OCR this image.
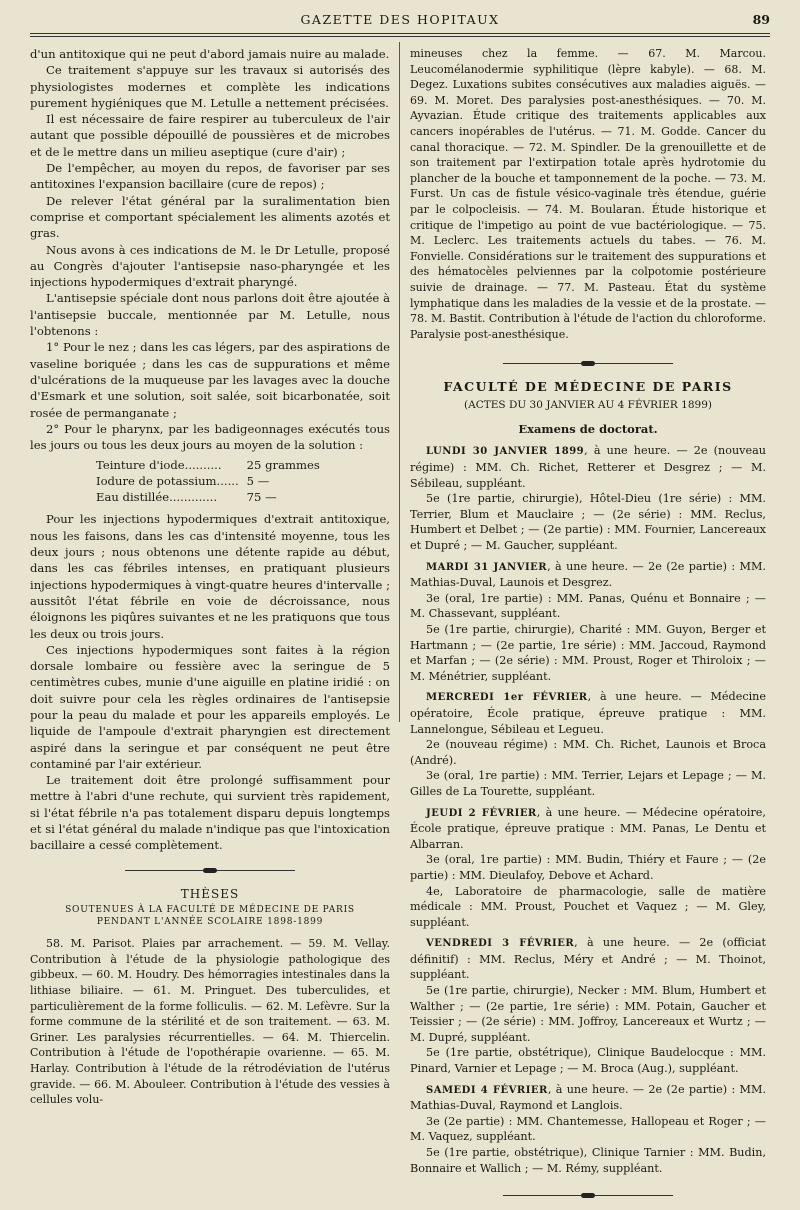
GAZETTE DES HOPITAUX	89

d'un antitoxique qui ne peut d'abord jamais nuire au malade.

Ce traitement s'appuye sur les travaux si autorisés des physiologistes modernes et complète les indications purement hygiéniques que M. Letulle a nettement précisées.

Il est nécessaire de faire respirer au tuberculeux de l'air autant que possible dépouillé de poussières et de microbes et de le mettre dans un milieu aseptique (cure d'air) ;

De l'empêcher, au moyen du repos, de favoriser par ses antitoxines l'expansion bacillaire (cure de repos) ;

De relever l'état général par la suralimentation bien comprise et comportant spécialement les aliments azotés et gras.

Nous avons à ces indications de M. le Dr Letulle, proposé au Congrès d'ajouter l'antisepsie naso-pharyngée et les injections hypodermiques d'extrait pharyngé.

L'antisepsie spéciale dont nous parlons doit être ajoutée à l'antisepsie buccale, mentionnée par M. Letulle, nous l'obtenons :

1° Pour le nez ; dans les cas légers, par des aspirations de vaseline boriquée ; dans les cas de suppurations et même d'ulcérations de la muqueuse par les lavages avec la douche d'Esmark et une solution, soit salée, soit bicarbonatée, soit rosée de permanganate ;

2° Pour le pharynx, par les badigeonnages exécutés tous les jours ou tous les deux jours au moyen de la solution :

Teinture d'iode..........	25 grammes
Iodure de potassium......	5 —
Eau distillée.............	75 —

Pour les injections hypodermiques d'extrait antitoxique, nous les faisons, dans les cas d'intensité moyenne, tous les deux jours ; nous obtenons une détente rapide au début, dans les cas fébriles intenses, en pratiquant plusieurs injections hypodermiques à vingt-quatre heures d'intervalle ; aussitôt l'état fébrile en voie de décroissance, nous éloignons les piqûres suivantes et ne les pratiquons que tous les deux ou trois jours.

Ces injections hypodermiques sont faites à la région dorsale lombaire ou fessière avec la seringue de 5 centimètres cubes, munie d'une aiguille en platine iridié : on doit suivre pour cela les règles ordinaires de l'antisepsie pour la peau du malade et pour les appareils employés. Le liquide de l'ampoule d'extrait pharyngien est directement aspiré dans la seringue et par conséquent ne peut être contaminé par l'air extérieur.

Le traitement doit être prolongé suffisamment pour mettre à l'abri d'une rechute, qui survient très rapidement, si l'état fébrile n'a pas totalement disparu depuis longtemps et si l'état général du malade n'indique pas que l'intoxication bacillaire a cessé complètement.

THÈSES
SOUTENUES À LA FACULTÉ DE MÉDECINE DE PARIS
PENDANT L'ANNÉE SCOLAIRE 1898-1899

58. M. Parisot. Plaies par arrachement. — 59. M. Vellay. Contribution à l'étude de la physiologie pathologique des gibbeux. — 60. M. Houdry. Des hémorragies intestinales dans la lithiase biliaire. — 61. M. Pringuet. Des tuberculides, et particulièrement de la forme folliculis. — 62. M. Lefèvre. Sur la forme commune de la stérilité et de son traitement. — 63. M. Griner. Les paralysies récurrentielles. — 64. M. Thiercelin. Contribution à l'étude de l'opothérapie ovarienne. — 65. M. Harlay. Contribution à l'étude de la rétrodéviation de l'utérus gravide. — 66. M. Abouleer. Contribution à l'étude des vessies à cellules volu-

mineuses chez la femme. — 67. M. Marcou. Leucomélanodermie syphilitique (lèpre kabyle). — 68. M. Degez. Luxations subites consécutives aux maladies aiguës. — 69. M. Moret. Des paralysies post-anesthésiques. — 70. M. Ayvazian. Étude critique des traitements applicables aux cancers inopérables de l'utérus. — 71. M. Godde. Cancer du canal thoracique. — 72. M. Spindler. De la grenouillette et de son traitement par l'extirpation totale après hydrotomie du plancher de la bouche et tamponnement de la poche. — 73. M. Furst. Un cas de fistule vésico-vaginale très étendue, guérie par le colpocleisis. — 74. M. Boularan. Étude historique et critique de l'impetigo au point de vue bactériologique. — 75. M. Leclerc. Les traitements actuels du tabes. — 76. M. Fonvielle. Considérations sur le traitement des suppurations et des hématocèles pelviennes par la colpotomie postérieure suivie de drainage. — 77. M. Pasteau. État du système lymphatique dans les maladies de la vessie et de la prostate. — 78. M. Bastit. Contribution à l'étude de l'action du chloroforme. Paralysie post-anesthésique.

FACULTÉ DE MÉDECINE DE PARIS
(ACTES DU 30 JANVIER AU 4 FÉVRIER 1899)
Examens de doctorat.

LUNDI 30 JANVIER 1899, à une heure. — 2e (nouveau régime) : MM. Ch. Richet, Retterer et Desgrez ; — M. Sébileau, suppléant.

5e (1re partie, chirurgie), Hôtel-Dieu (1re série) : MM. Terrier, Blum et Mauclaire ; — (2e série) : MM. Reclus, Humbert et Delbet ; — (2e partie) : MM. Fournier, Lancereaux et Dupré ; — M. Gaucher, suppléant.

MARDI 31 JANVIER, à une heure. — 2e (2e partie) : MM. Mathias-Duval, Launois et Desgrez.

3e (oral, 1re partie) : MM. Panas, Quénu et Bonnaire ; — M. Chassevant, suppléant.

5e (1re partie, chirurgie), Charité : MM. Guyon, Berger et Hartmann ; — (2e partie, 1re série) : MM. Jaccoud, Raymond et Marfan ; — (2e série) : MM. Proust, Roger et Thiroloix ; — M. Ménétrier, suppléant.

MERCREDI 1er FÉVRIER, à une heure. — Médecine opératoire, École pratique, épreuve pratique : MM. Lannelongue, Sébileau et Legueu.

2e (nouveau régime) : MM. Ch. Richet, Launois et Broca (André).

3e (oral, 1re partie) : MM. Terrier, Lejars et Lepage ; — M. Gilles de La Tourette, suppléant.

JEUDI 2 FÉVRIER, à une heure. — Médecine opératoire, École pratique, épreuve pratique : MM. Panas, Le Dentu et Albarran.

3e (oral, 1re partie) : MM. Budin, Thiéry et Faure ; — (2e partie) : MM. Dieulafoy, Debove et Achard.

4e, Laboratoire de pharmacologie, salle de matière médicale : MM. Proust, Pouchet et Vaquez ; — M. Gley, suppléant.

VENDREDI 3 FÉVRIER, à une heure. — 2e (officiat définitif) : MM. Reclus, Méry et André ; — M. Thoinot, suppléant.

5e (1re partie, chirurgie), Necker : MM. Blum, Humbert et Walther ; — (2e partie, 1re série) : MM. Potain, Gaucher et Teissier ; — (2e série) : MM. Joffroy, Lancereaux et Wurtz ; — M. Dupré, suppléant.

5e (1re partie, obstétrique), Clinique Baudelocque : MM. Pinard, Varnier et Lepage ; — M. Broca (Aug.), suppléant.

SAMEDI 4 FÉVRIER, à une heure. — 2e (2e partie) : MM. Mathias-Duval, Raymond et Langlois.

3e (2e partie) : MM. Chantemesse, Hallopeau et Roger ; — M. Vaquez, suppléant.

5e (1re partie, obstétrique), Clinique Tarnier : MM. Budin, Bonnaire et Wallich ; — M. Rémy, suppléant.
